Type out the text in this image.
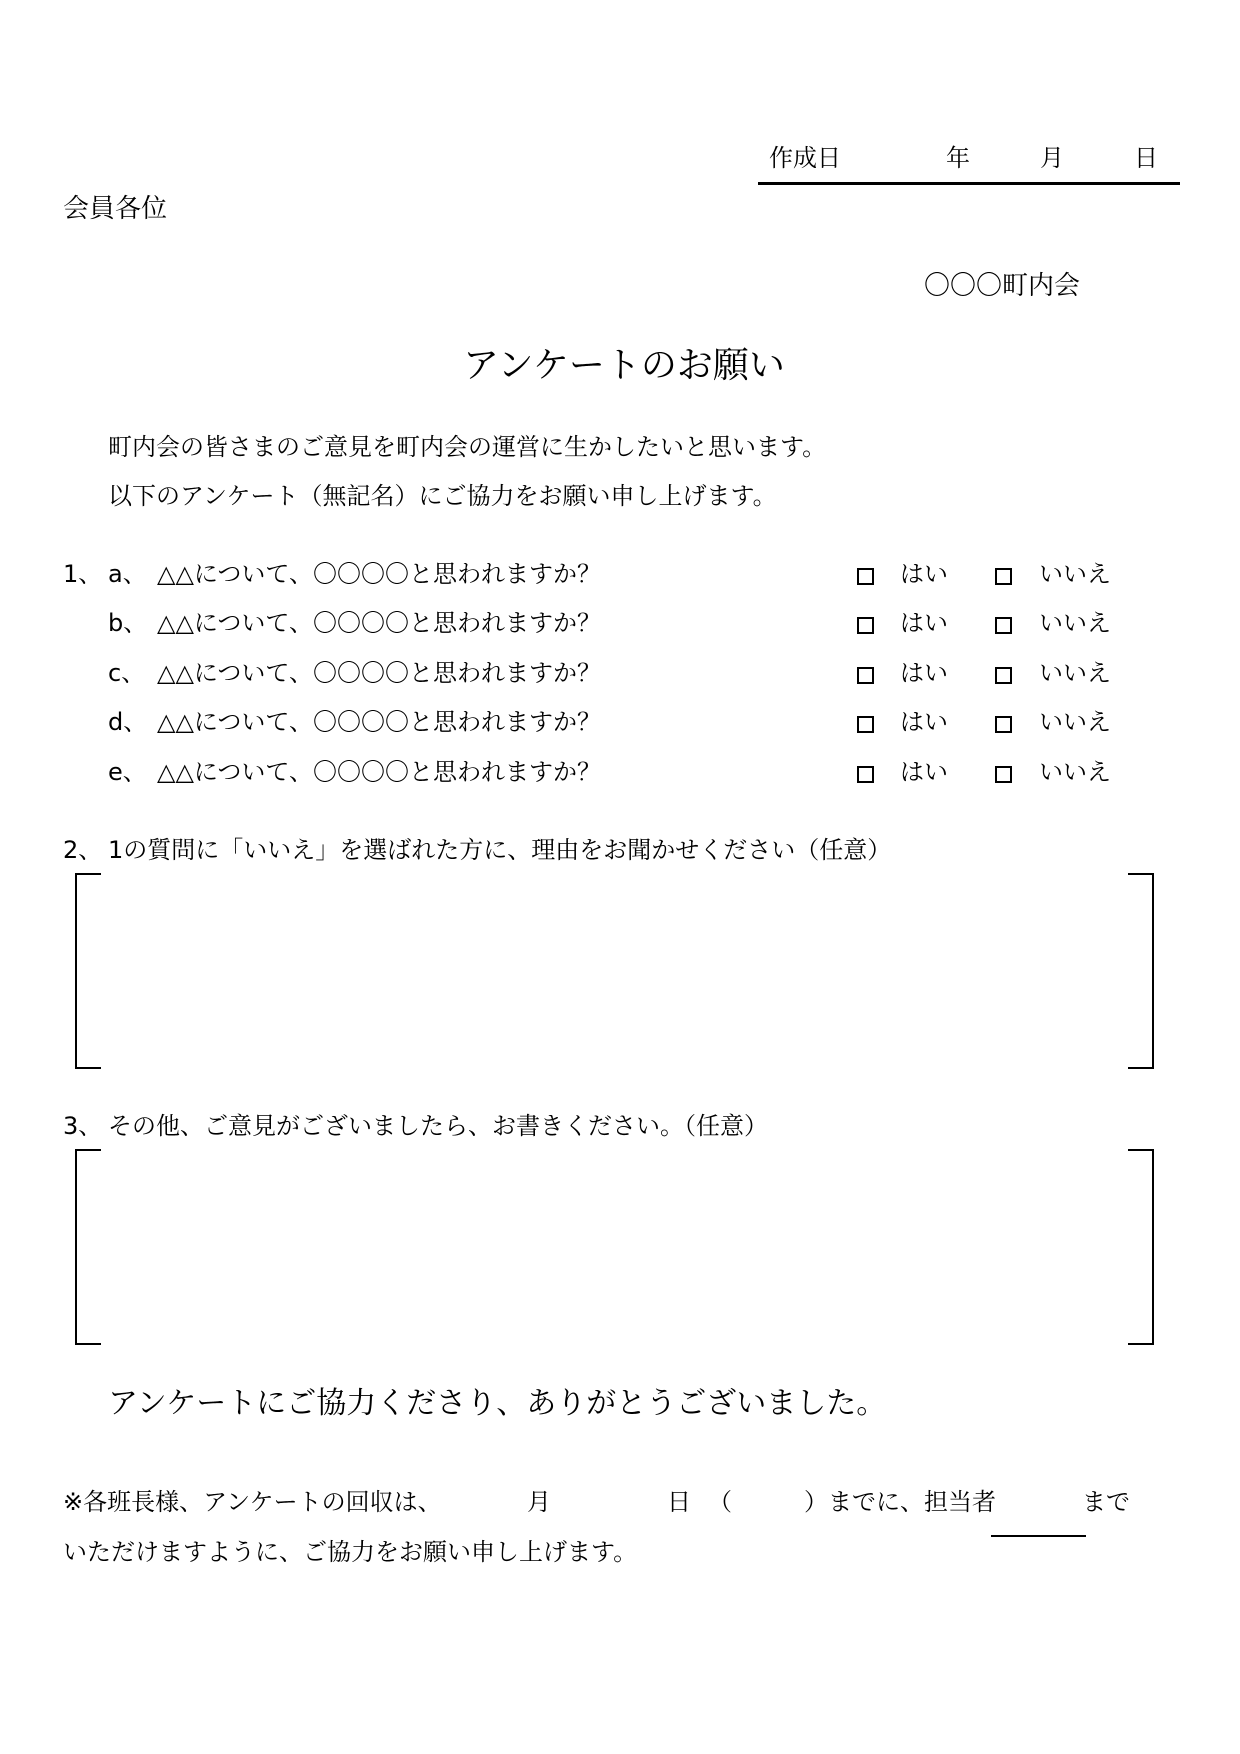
作成日	年	月	日
会員各位
〇〇〇町内会
アンケートのお願い
町内会の皆さまのご意見を町内会の運営に生かしたいと思います。
以下のアンケート（無記名）にご協力をお願い申し上げます。
1、 a、 △△について、〇〇〇〇と思われますか？	はい	いいえ
b、 △△について、〇〇〇〇と思われますか？	はい	いいえ
c、 △△について、〇〇〇〇と思われますか？	はい	いいえ
d、 △△について、〇〇〇〇と思われますか？	はい	いいえ
e、 △△について、〇〇〇〇と思われますか？	はい	いいえ
2、 1の質問に「いいえ」を選ばれた方に、理由をお聞かせください（任意）
3、 その他、ご意見がございましたら、お書きください。（任意）
アンケートにご協力くださり、ありがとうございました。
※各班長様、アンケートの回収は、	月	日 （	）までに、担当者	まで
いただけますように、ご協力をお願い申し上げます。
